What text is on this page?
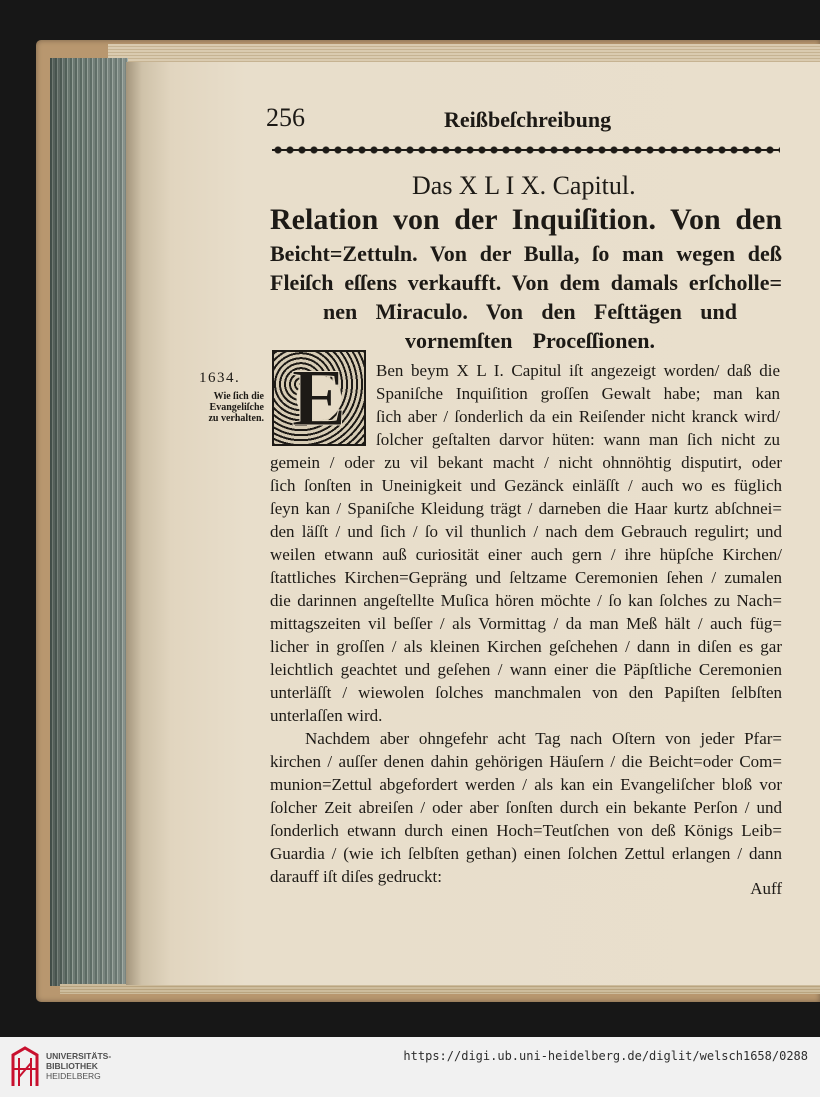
256	Reißbeſchreibung
Das X L I X. Capitul.
Relation von der Inquiſition. Von den
Beicht=Zettuln. Von der Bulla, ſo man wegen deß
Fleiſch eſſens verkaufft. Von dem damals erſcholle=
nen Miraculo. Von den Feſttägen und
vornemſten Proceſſionen.
1634.
Wie ſich die
Evangeliſche
zu verhalten. E	Ben beym X L I. Capitul iſt angezeigt worden/ daß die
Spaniſche Inquiſition groſſen Gewalt habe; man kan
ſich aber / ſonderlich da ein Reiſender nicht kranck wird/
ſolcher geſtalten darvor hüten: wann man ſich nicht zu
gemein / oder zu vil bekant macht / nicht ohnnöhtig disputirt, oder
ſich ſonſten in Uneinigkeit und Gezänck einläſſt / auch wo es füglich
ſeyn kan / Spaniſche Kleidung trägt / darneben die Haar kurtz abſchnei=
den läſſt / und ſich / ſo vil thunlich / nach dem Gebrauch regulirt; und
weilen etwann auß curiosität einer auch gern / ihre hüpſche Kirchen/
ſtattliches Kirchen=Gepräng und ſeltzame Ceremonien ſehen / zumalen
die darinnen angeſtellte Muſica hören möchte / ſo kan ſolches zu Nach=
mittagszeiten vil beſſer / als Vormittag / da man Meß hält / auch füg=
licher in groſſen / als kleinen Kirchen geſchehen / dann in diſen es gar
leichtlich geachtet und geſehen / wann einer die Päpſtliche Ceremonien
unterläſſt / wiewolen ſolches manchmalen von den Papiſten ſelbſten
unterlaſſen wird.
Nachdem aber ohngefehr acht Tag nach Oſtern von jeder Pfar=
kirchen / auſſer denen dahin gehörigen Häuſern / die Beicht=oder Com=
munion=Zettul abgefordert werden / als kan ein Evangeliſcher bloß vor
ſolcher Zeit abreiſen / oder aber ſonſten durch ein bekante Perſon / und
ſonderlich etwann durch einen Hoch=Teutſchen von deß Königs Leib=
Guardia / (wie ich ſelbſten gethan) einen ſolchen Zettul erlangen / dann
darauff iſt diſes gedruckt:
Auff
UNIVERSITÄTS-
BIBLIOTHEK
HEIDELBERG
https://digi.ub.uni-heidelberg.de/diglit/welsch1658/0288
